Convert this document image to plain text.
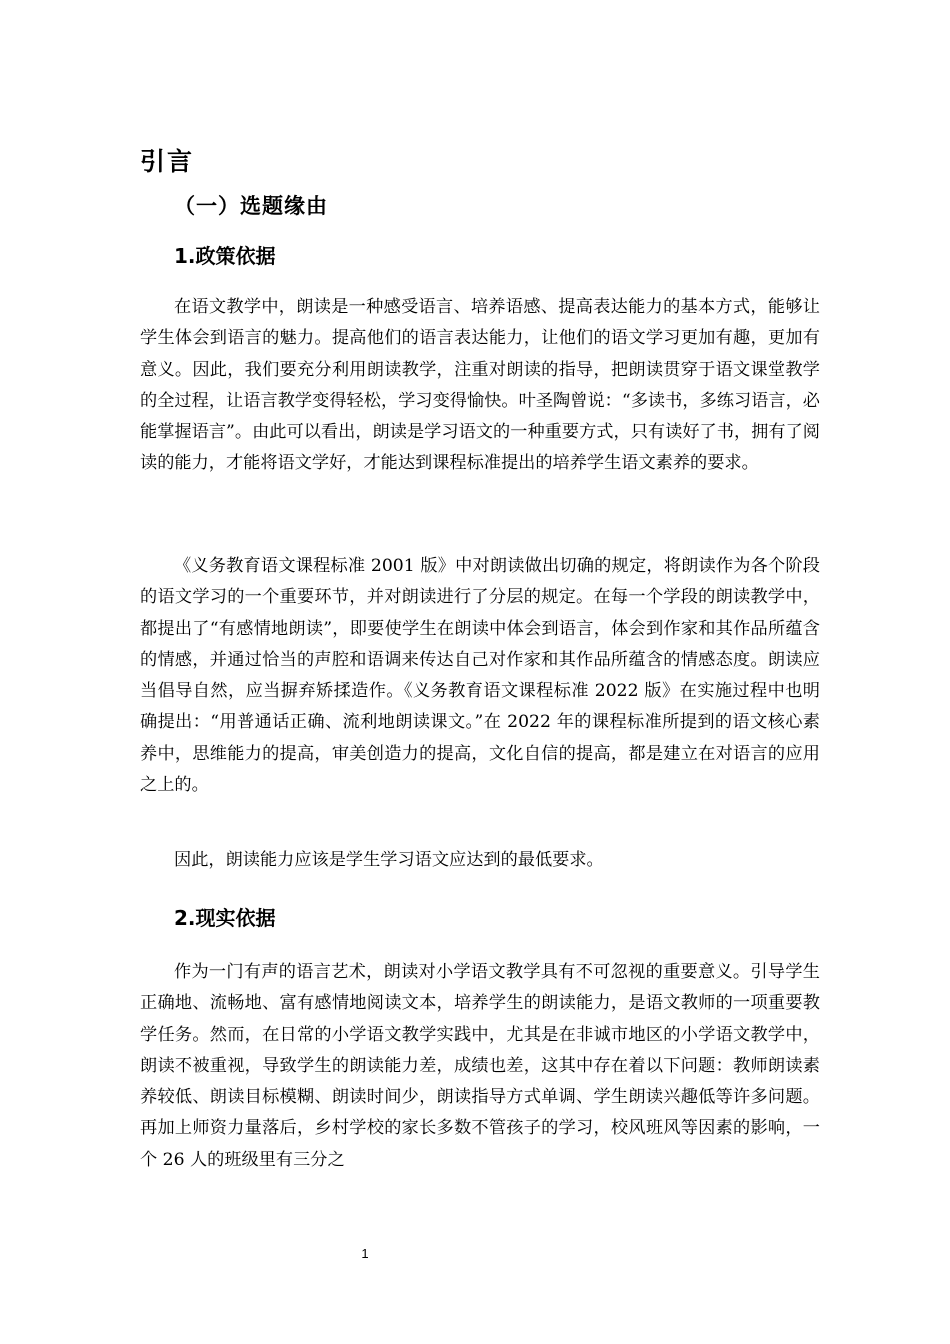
引言
（一）选题缘由
1.政策依据

在语文教学中，朗读是一种感受语言、培养语感、提高表达能力的基本方式，能够让学生体会到语言的魅力。提高他们的语言表达能力，让他们的语文学习更加有趣，更加有意义。因此，我们要充分利用朗读教学，注重对朗读的指导，把朗读贯穿于语文课堂教学的全过程，让语言教学变得轻松，学习变得愉快。叶圣陶曾说：“多读书，多练习语言，必能掌握语言”。由此可以看出，朗读是学习语文的一种重要方式，只有读好了书，拥有了阅读的能力，才能将语文学好，才能达到课程标准提出的培养学生语文素养的要求。

《义务教育语文课程标准 2001 版》中对朗读做出切确的规定，将朗读作为各个阶段的语文学习的一个重要环节，并对朗读进行了分层的规定。在每一个学段的朗读教学中，都提出了“有感情地朗读”，即要使学生在朗读中体会到语言，体会到作家和其作品所蕴含的情感，并通过恰当的声腔和语调来传达自己对作家和其作品所蕴含的情感态度。朗读应当倡导自然，应当摒弃矫揉造作。《义务教育语文课程标准 2022 版》在实施过程中也明确提出：“用普通话正确、流利地朗读课文。”在 2022 年的课程标准所提到的语文核心素养中，思维能力的提高，审美创造力的提高，文化自信的提高，都是建立在对语言的应用之上的。

因此，朗读能力应该是学生学习语文应达到的最低要求。

2.现实依据

作为一门有声的语言艺术，朗读对小学语文教学具有不可忽视的重要意义。引导学生正确地、流畅地、富有感情地阅读文本，培养学生的朗读能力，是语文教师的一项重要教学任务。然而，在日常的小学语文教学实践中，尤其是在非诚市地区的小学语文教学中，朗读不被重视，导致学生的朗读能力差，成绩也差，这其中存在着以下问题：教师朗读素养较低、朗读目标模糊、朗读时间少，朗读指导方式单调、学生朗读兴趣低等许多问题。再加上师资力量落后，乡村学校的家长多数不管孩子的学习，校风班风等因素的影响，一个 26 人的班级里有三分之

1
